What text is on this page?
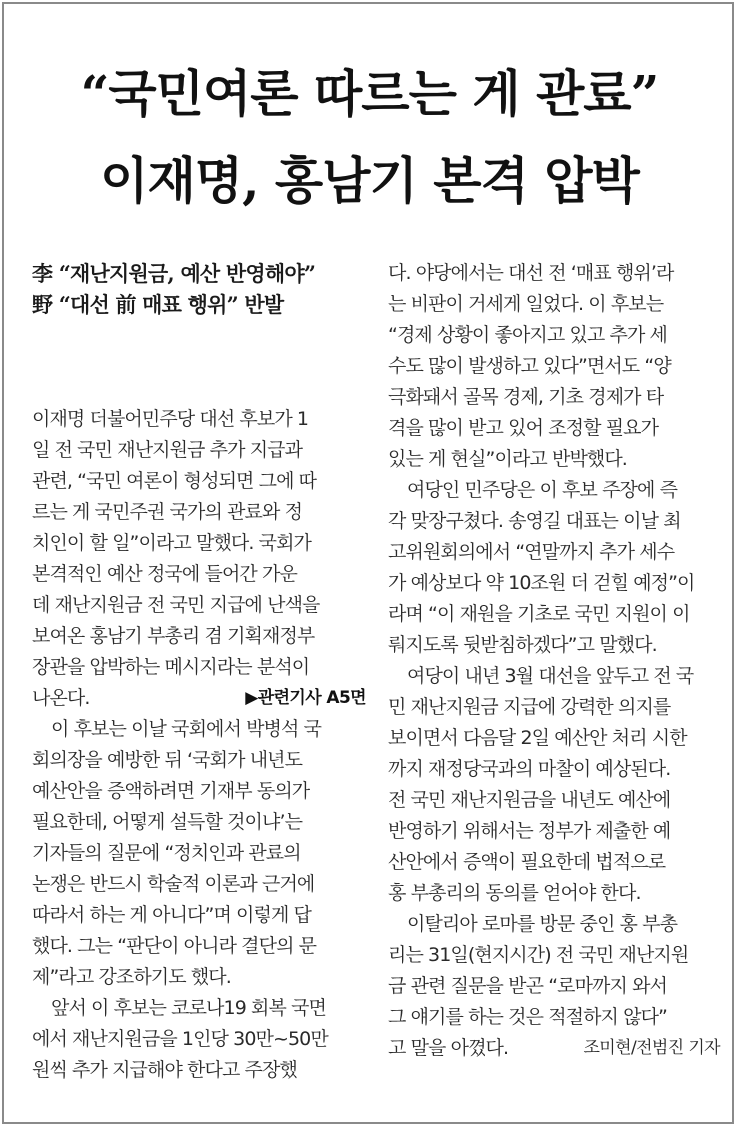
“국민여론 따르는 게 관료”
이재명, 홍남기 본격 압박
李 “재난지원금, 예산 반영해야”
野 “대선 前 매표 행위” 반발
이재명 더불어민주당 대선 후보가 1
일 전 국민 재난지원금 추가 지급과
관련, “국민 여론이 형성되면 그에 따
르는 게 국민주권 국가의 관료와 정
치인이 할 일”이라고 말했다. 국회가
본격적인 예산 정국에 들어간 가운
데 재난지원금 전 국민 지급에 난색을
보여온 홍남기 부총리 겸 기획재정부
장관을 압박하는 메시지라는 분석이
나온다.	▶관련기사 A5면
이 후보는 이날 국회에서 박병석 국
회의장을 예방한 뒤 ‘국회가 내년도
예산안을 증액하려면 기재부 동의가
필요한데, 어떻게 설득할 것이냐’는
기자들의 질문에 “정치인과 관료의
논쟁은 반드시 학술적 이론과 근거에
따라서 하는 게 아니다”며 이렇게 답
했다. 그는 “판단이 아니라 결단의 문
제”라고 강조하기도 했다.
앞서 이 후보는 코로나19 회복 국면
에서 재난지원금을 1인당 30만~50만
원씩 추가 지급해야 한다고 주장했
다. 야당에서는 대선 전 ‘매표 행위’라
는 비판이 거세게 일었다. 이 후보는
“경제 상황이 좋아지고 있고 추가 세
수도 많이 발생하고 있다”면서도 “양
극화돼서 골목 경제, 기초 경제가 타
격을 많이 받고 있어 조정할 필요가
있는 게 현실”이라고 반박했다.
여당인 민주당은 이 후보 주장에 즉
각 맞장구쳤다. 송영길 대표는 이날 최
고위원회의에서 “연말까지 추가 세수
가 예상보다 약 10조원 더 걷힐 예정”이
라며 “이 재원을 기초로 국민 지원이 이
뤄지도록 뒷받침하겠다”고 말했다.
여당이 내년 3월 대선을 앞두고 전 국
민 재난지원금 지급에 강력한 의지를
보이면서 다음달 2일 예산안 처리 시한
까지 재정당국과의 마찰이 예상된다.
전 국민 재난지원금을 내년도 예산에
반영하기 위해서는 정부가 제출한 예
산안에서 증액이 필요한데 법적으로
홍 부총리의 동의를 얻어야 한다.
이탈리아 로마를 방문 중인 홍 부총
리는 31일(현지시간) 전 국민 재난지원
금 관련 질문을 받곤 “로마까지 와서
그 얘기를 하는 것은 적절하지 않다”
고 말을 아꼈다.	조미현/전범진 기자
